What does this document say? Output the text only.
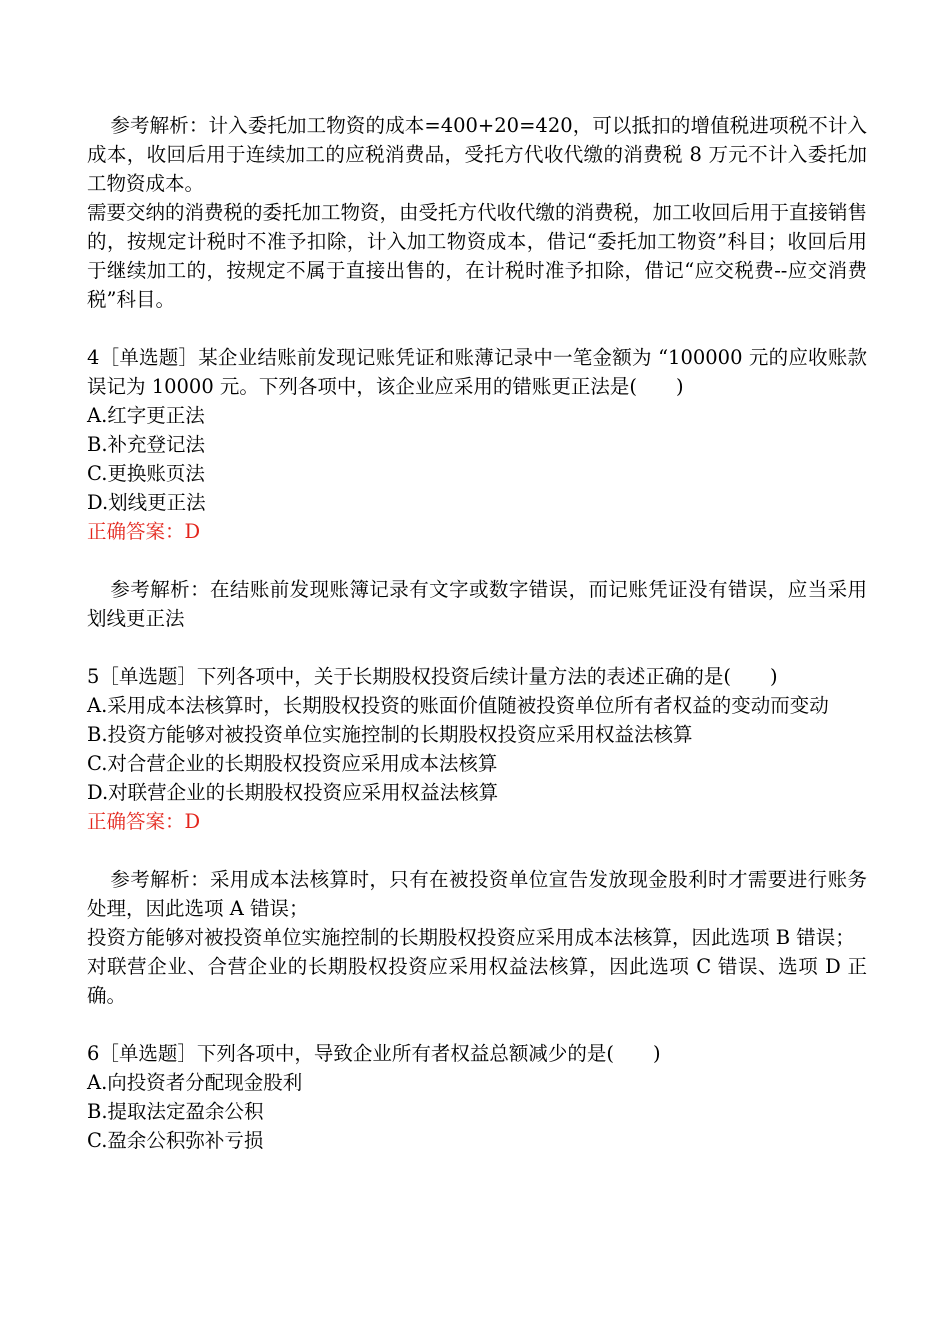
参考解析：计入委托加工物资的成本=400+20=420，可以抵扣的增值税进项税不计入成本，收回后用于连续加工的应税消费品，受托方代收代缴的消费税 8 万元不计入委托加工物资成本。

需要交纳的消费税的委托加工物资，由受托方代收代缴的消费税，加工收回后用于直接销售的，按规定计税时不准予扣除，计入加工物资成本，借记“委托加工物资”科目；收回后用于继续加工的，按规定不属于直接出售的，在计税时准予扣除，借记“应交税费--应交消费税”科目。

4［单选题］某企业结账前发现记账凭证和账薄记录中一笔金额为 “100000 元的应收账款误记为 10000 元。下列各项中，该企业应采用的错账更正法是(　　)

A.红字更正法

B.补充登记法

C.更换账页法

D.划线更正法

正确答案：D

参考解析：在结账前发现账簿记录有文字或数字错误，而记账凭证没有错误，应当采用划线更正法

5［单选题］下列各项中，关于长期股权投资后续计量方法的表述正确的是(　　)

A.采用成本法核算时，长期股权投资的账面价值随被投资单位所有者权益的变动而变动

B.投资方能够对被投资单位实施控制的长期股权投资应采用权益法核算

C.对合营企业的长期股权投资应采用成本法核算

D.对联营企业的长期股权投资应采用权益法核算

正确答案：D

参考解析：采用成本法核算时，只有在被投资单位宣告发放现金股利时才需要进行账务处理，因此选项 A 错误；

投资方能够对被投资单位实施控制的长期股权投资应采用成本法核算，因此选项 B 错误；

对联营企业、合营企业的长期股权投资应采用权益法核算，因此选项 C 错误、选项 D 正确。

6［单选题］下列各项中，导致企业所有者权益总额减少的是(　　)

A.向投资者分配现金股利

B.提取法定盈余公积

C.盈余公积弥补亏损
